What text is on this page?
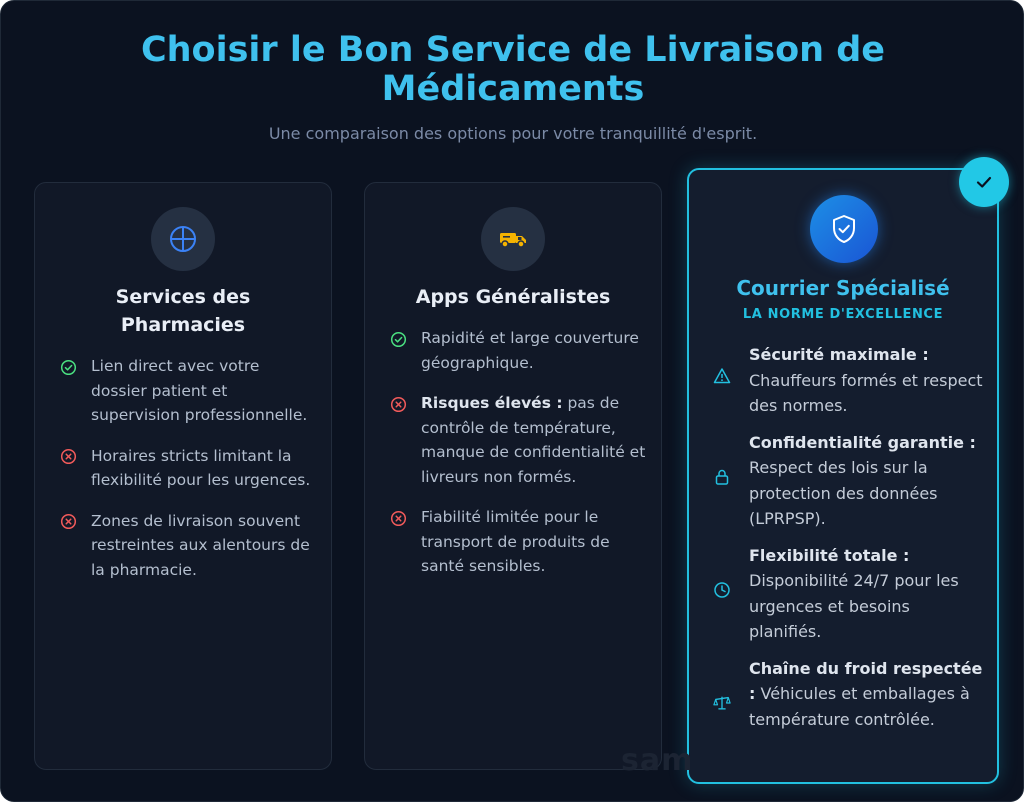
Choisir le Bon Service de Livraison de
Médicaments
Une comparaison des options pour votre tranquillité d'esprit.
Services des Pharmacies
Lien direct avec votre dossier patient et supervision professionnelle.
Horaires stricts limitant la flexibilité pour les urgences.
Zones de livraison souvent restreintes aux alentours de la pharmacie.
Apps Généralistes
Rapidité et large couverture géographique.
Risques élevés : pas de contrôle de température, manque de confidentialité et livreurs non formés.
Fiabilité limitée pour le transport de produits de santé sensibles.
Courrier Spécialisé
LA NORME D'EXCELLENCE
Sécurité maximale : Chauffeurs formés et respect des normes.
Confidentialité garantie : Respect des lois sur la protection des données (LPRPSP).
Flexibilité totale : Disponibilité 24/7 pour les urgences et besoins planifiés.
Chaîne du froid respectée : Véhicules et emballages à température contrôlée.
sam
